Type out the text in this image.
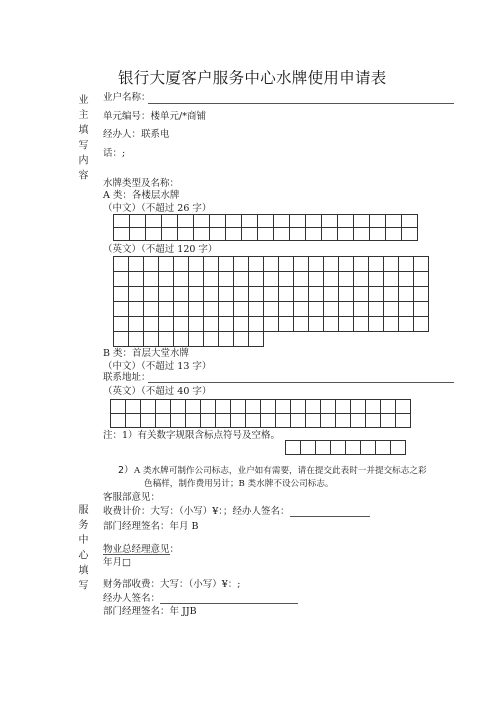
银行大厦客户服务中心水牌使用申请表
业 主 填 写 内 容 业户名称：
单元编号：楼单元/*商铺
经办人：联系电
话：;
水牌类型及名称：
A 类：各楼层水牌
（中文）（不超过 26 字）

（英文）（不超过 120 字）

B 类：首层大堂水牌
（中文）（不超过 13 字）
联系地址：
（英文）（不超过 40 字）

注：1）有关数字规限含标点符号及空格。

2） A 类水牌可制作公司标志，业户如有需要，请在提交此表时一并提交标志之彩
色稿样，制作费用另计；B 类水牌不设公司标志。
服 务 中 心 填 写
客服部意见：
收费计价：大写：（小写）¥：；经办人签名：
部门经理签名：年月 B
物业总经理意见：
年月□
财务部收费：大写：（小写）¥：;
经办人签名：
部门经理签名：年 JJB
